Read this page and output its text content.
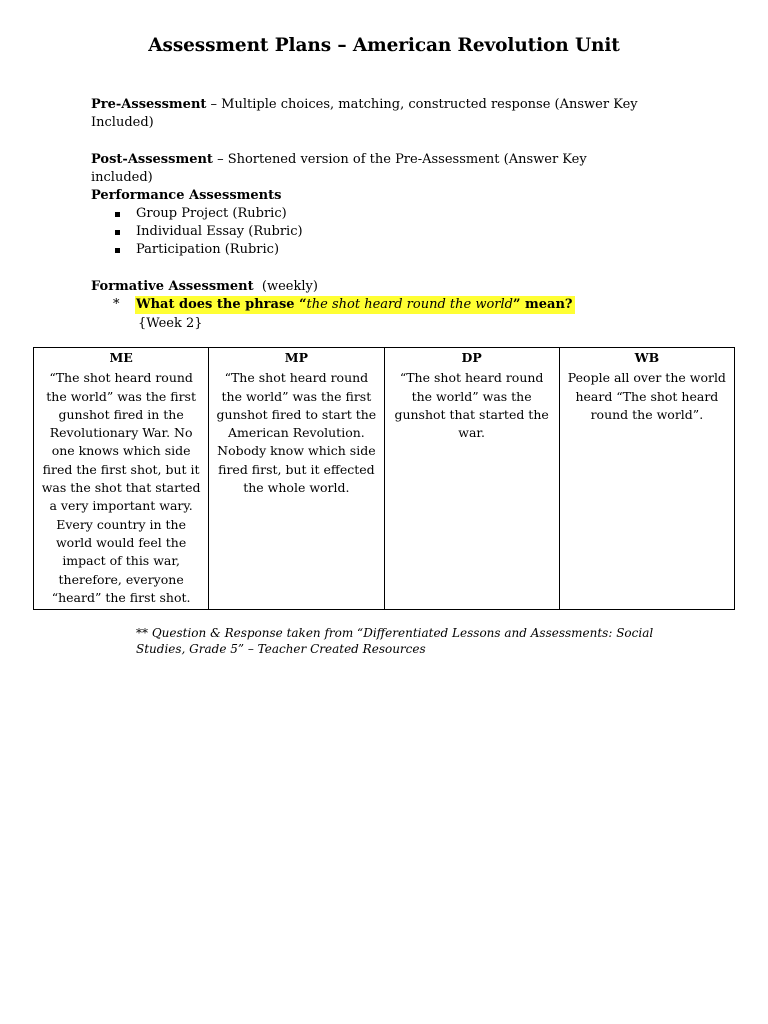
Assessment Plans – American Revolution Unit
Pre-Assessment – Multiple choices, matching, constructed response (Answer Key Included)
Post-Assessment – Shortened version of the Pre-Assessment (Answer Key included)
Performance Assessments
Group Project (Rubric)
Individual Essay (Rubric)
Participation (Rubric)
Formative Assessment (weekly)
* What does the phrase “the shot heard round the world” mean?
{Week 2}
ME	MP	DP	WB
“The shot heard round the world” was the first gunshot fired in the Revolutionary War. No one knows which side fired the first shot, but it was the shot that started a very important wary. Every country in the world would feel the impact of this war, therefore, everyone “heard” the first shot.	“The shot heard round the world” was the first gunshot fired to start the American Revolution. Nobody know which side fired first, but it effected the whole world.	“The shot heard round the world” was the gunshot that started the war.	People all over the world heard “The shot heard round the world”.
** Question & Response taken from “Differentiated Lessons and Assessments: Social Studies, Grade 5” – Teacher Created Resources
